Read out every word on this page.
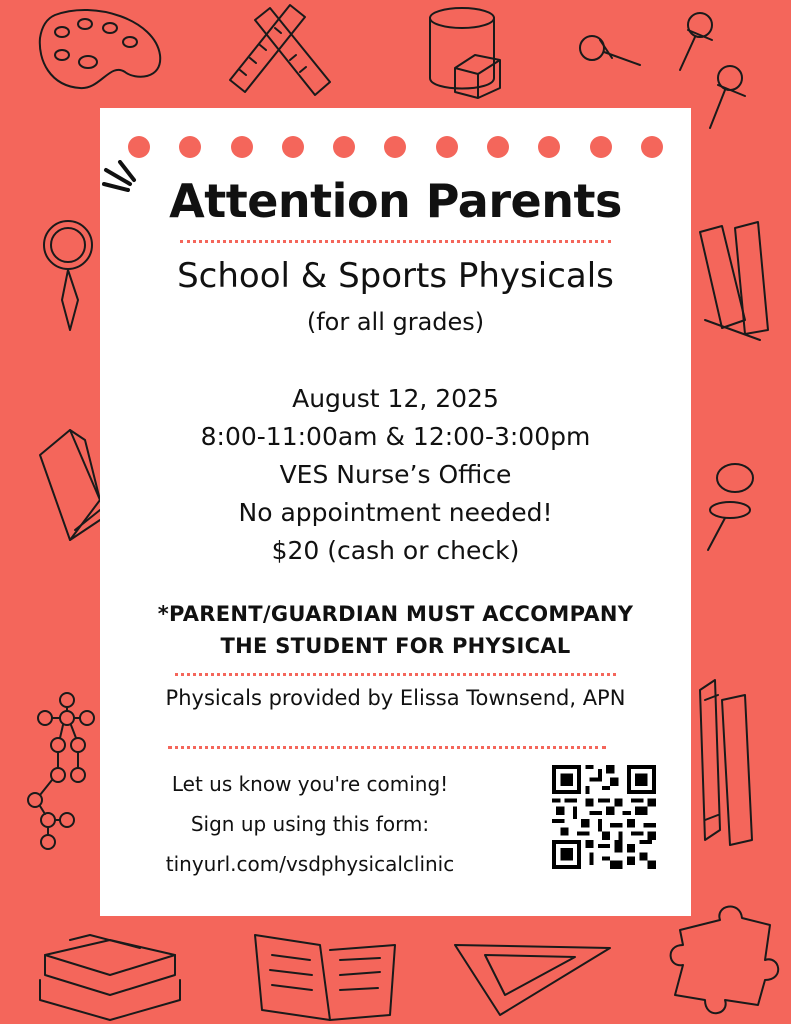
Attention Parents
School & Sports Physicals
(for all grades)
August 12, 2025
8:00-11:00am & 12:00-3:00pm
VES Nurse’s Office
No appointment needed!
$20 (cash or check)
*PARENT/GUARDIAN MUST ACCOMPANY
THE STUDENT FOR PHYSICAL
Physicals provided by Elissa Townsend, APN
Let us know you're coming!
Sign up using this form:
tinyurl.com/vsdphysicalclinic
